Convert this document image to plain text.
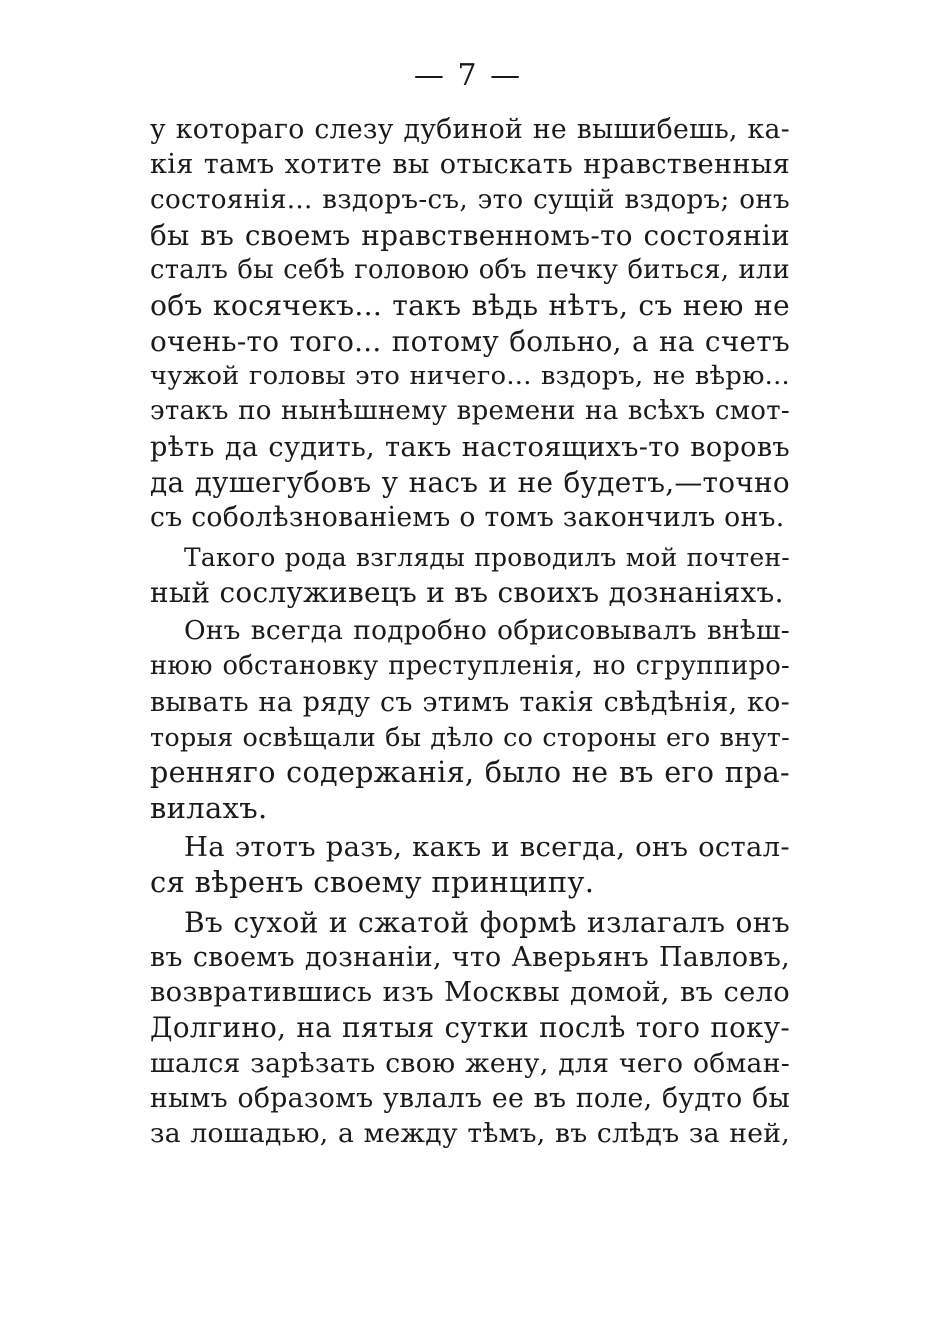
— 7 —
у котораго слезу дубиной не вышибешь, ка-
кія тамъ хотите вы отыскать нравственныя
состоянія... вздоръ-съ, это сущій вздоръ; онъ
бы въ своемъ нравственномъ-то состояніи
сталъ бы себѣ головою объ печку биться, или
объ косячекъ... такъ вѣдь нѣтъ, съ нею не
очень-то того... потому больно, а на счетъ
чужой головы это ничего... вздоръ, не вѣрю...
этакъ по нынѣшнему времени на всѣхъ смот-
рѣть да судить, такъ настоящихъ-то воровъ
да душегубовъ у насъ и не будетъ,—точно
съ соболѣзнованіемъ о томъ закончилъ онъ.
Такого рода взгляды проводилъ мой почтен-
ный сослуживецъ и въ своихъ дознаніяхъ.
Онъ всегда подробно обрисовывалъ внѣш-
нюю обстановку преступленія, но сгруппиро-
вывать на ряду съ этимъ такія свѣдѣнія, ко-
торыя освѣщали бы дѣло со стороны его внут-
ренняго содержанія, было не въ его пра-
вилахъ.
На этотъ разъ, какъ и всегда, онъ остал-
ся вѣренъ своему принципу.
Въ сухой и сжатой формѣ излагалъ онъ
въ своемъ дознаніи, что Аверьянъ Павловъ,
возвратившись изъ Москвы домой, въ село
Долгино, на пятыя сутки послѣ того поку-
шался зарѣзать свою жену, для чего обман-
нымъ образомъ увлалъ ее въ поле, будто бы
за лошадью, а между тѣмъ, въ слѣдъ за ней,
